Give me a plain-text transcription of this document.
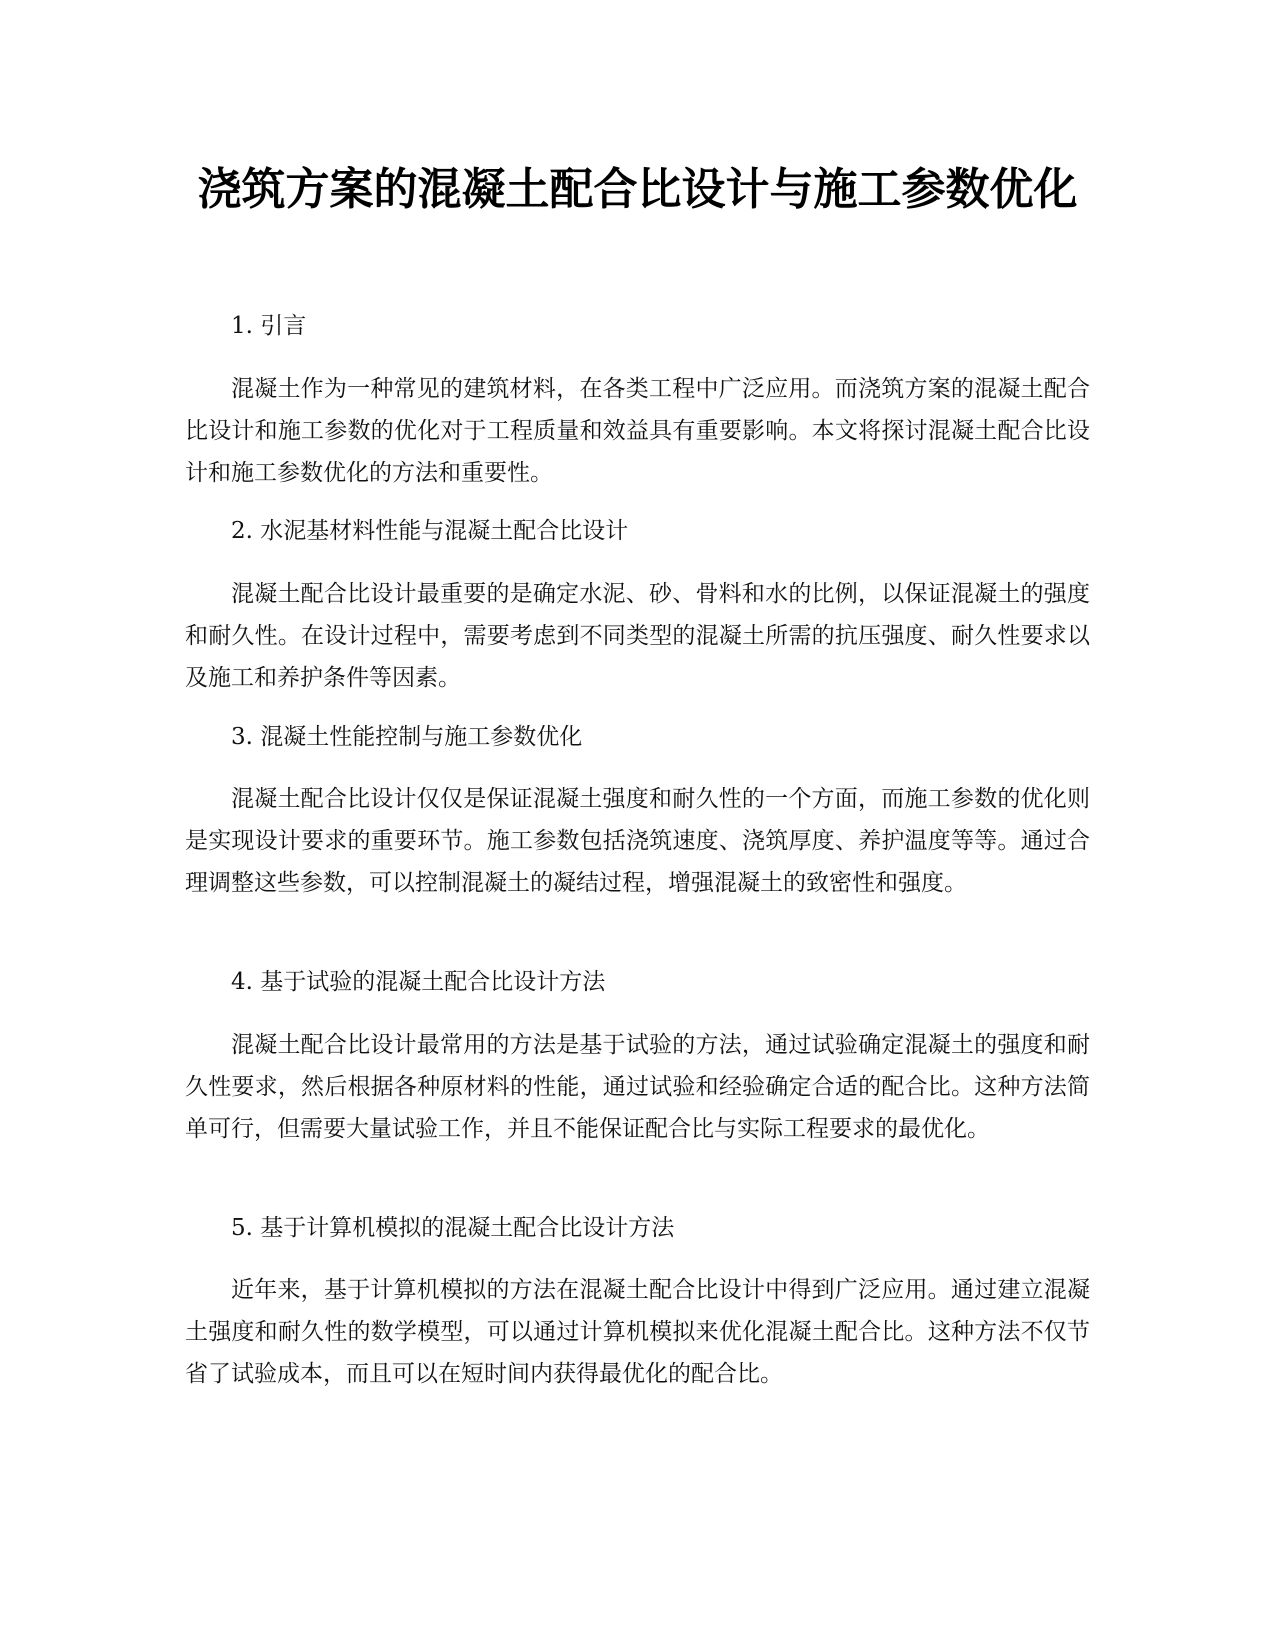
浇筑方案的混凝土配合比设计与施工参数优化

1. 引言

混凝土作为一种常见的建筑材料，在各类工程中广泛应用。而浇筑方案的混凝土配合比设计和施工参数的优化对于工程质量和效益具有重要影响。本文将探讨混凝土配合比设计和施工参数优化的方法和重要性。

2. 水泥基材料性能与混凝土配合比设计

混凝土配合比设计最重要的是确定水泥、砂、骨料和水的比例，以保证混凝土的强度和耐久性。在设计过程中，需要考虑到不同类型的混凝土所需的抗压强度、耐久性要求以及施工和养护条件等因素。

3. 混凝土性能控制与施工参数优化

混凝土配合比设计仅仅是保证混凝土强度和耐久性的一个方面，而施工参数的优化则是实现设计要求的重要环节。施工参数包括浇筑速度、浇筑厚度、养护温度等等。通过合理调整这些参数，可以控制混凝土的凝结过程，增强混凝土的致密性和强度。

4. 基于试验的混凝土配合比设计方法

混凝土配合比设计最常用的方法是基于试验的方法，通过试验确定混凝土的强度和耐久性要求，然后根据各种原材料的性能，通过试验和经验确定合适的配合比。这种方法简单可行，但需要大量试验工作，并且不能保证配合比与实际工程要求的最优化。

5. 基于计算机模拟的混凝土配合比设计方法

近年来，基于计算机模拟的方法在混凝土配合比设计中得到广泛应用。通过建立混凝土强度和耐久性的数学模型，可以通过计算机模拟来优化混凝土配合比。这种方法不仅节省了试验成本，而且可以在短时间内获得最优化的配合比。
